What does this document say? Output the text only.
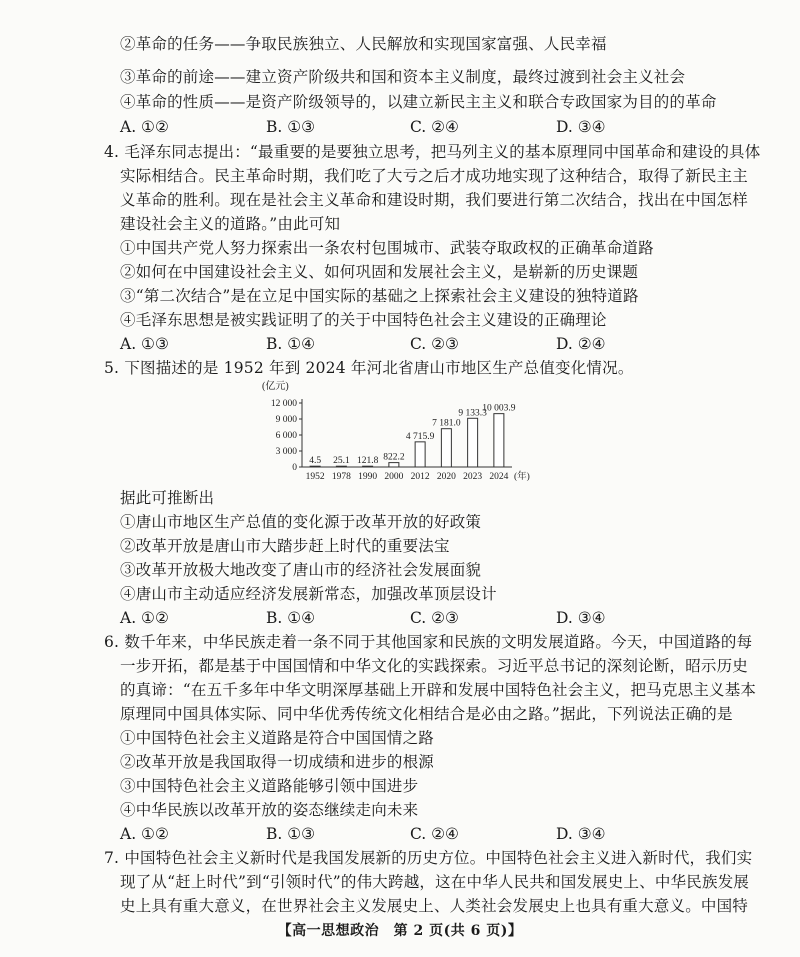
②革命的任务——争取民族独立、人民解放和实现国家富强、人民幸福
③革命的前途——建立资产阶级共和国和资本主义制度，最终过渡到社会主义社会
④革命的性质——是资产阶级领导的，以建立新民主主义和联合专政国家为目的的革命
A. ①②	B. ①③	C. ②④	D. ③④
4. 毛泽东同志提出：“最重要的是要独立思考，把马列主义的基本原理同中国革命和建设的具体
实际相结合。民主革命时期，我们吃了大亏之后才成功地实现了这种结合，取得了新民主主
义革命的胜利。现在是社会主义革命和建设时期，我们要进行第二次结合，找出在中国怎样
建设社会主义的道路。”由此可知
①中国共产党人努力探索出一条农村包围城市、武装夺取政权的正确革命道路
②如何在中国建设社会主义、如何巩固和发展社会主义，是崭新的历史课题
③“第二次结合”是在立足中国实际的基础之上探索社会主义建设的独特道路
④毛泽东思想是被实践证明了的关于中国特色社会主义建设的正确理论
A. ①③	B. ①④	C. ②③	D. ②④
5. 下图描述的是 1952 年到 2024 年河北省唐山市地区生产总值变化情况。
(亿元)
0
3 000
6 000
9 000
12 000
(年)
4.5
1952
25.1
1978
121.8
1990
822.2
2000
4 715.9
2012
7 181.0
2020
9 133.3
2023
10 003.9
2024
据此可推断出
①唐山市地区生产总值的变化源于改革开放的好政策
②改革开放是唐山市大踏步赶上时代的重要法宝
③改革开放极大地改变了唐山市的经济社会发展面貌
④唐山市主动适应经济发展新常态，加强改革顶层设计
A. ①②	B. ①④	C. ②③	D. ③④
6. 数千年来，中华民族走着一条不同于其他国家和民族的文明发展道路。今天，中国道路的每
一步开拓，都是基于中国国情和中华文化的实践探索。习近平总书记的深刻论断，昭示历史
的真谛：“在五千多年中华文明深厚基础上开辟和发展中国特色社会主义，把马克思主义基本
原理同中国具体实际、同中华优秀传统文化相结合是必由之路。”据此，下列说法正确的是
①中国特色社会主义道路是符合中国国情之路
②改革开放是我国取得一切成绩和进步的根源
③中国特色社会主义道路能够引领中国进步
④中华民族以改革开放的姿态继续走向未来
A. ①②	B. ①③	C. ②④	D. ③④
7. 中国特色社会主义新时代是我国发展新的历史方位。中国特色社会主义进入新时代，我们实
现了从“赶上时代”到“引领时代”的伟大跨越，这在中华人民共和国发展史上、中华民族发展
史上具有重大意义，在世界社会主义发展史上、人类社会发展史上也具有重大意义。中国特
【高一思想政治　第 2 页(共 6 页)】
